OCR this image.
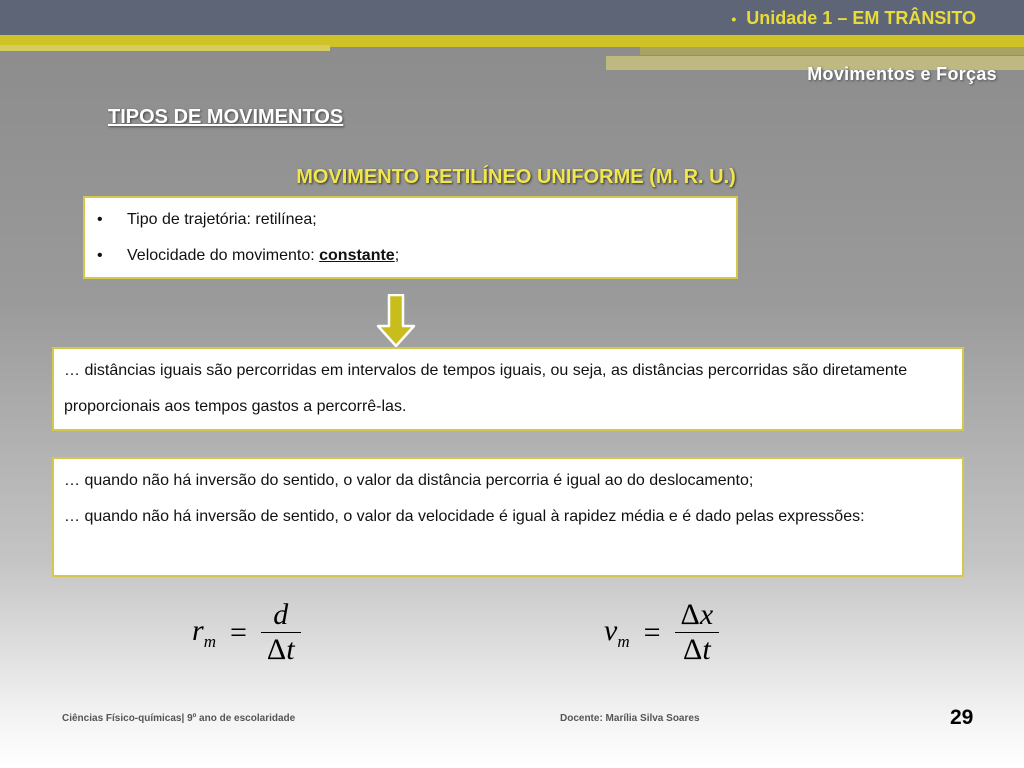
• Unidade 1 – EM TRÂNSITO
Movimentos e Forças
TIPOS DE MOVIMENTOS
MOVIMENTO RETILÍNEO UNIFORME (M. R. U.)
•	Tipo de trajetória: retilínea;
•	Velocidade do movimento: constante;
… distâncias iguais são percorridas em intervalos de tempos iguais, ou seja, as distâncias percorridas são diretamente proporcionais aos tempos gastos a percorrê-las.
… quando não há inversão do sentido, o valor da distância percorria é igual ao do deslocamento;
… quando não há inversão de sentido, o valor da velocidade é igual à rapidez média e é dado pelas expressões:
$r_m = \frac{d}{\Delta t}$	$v_m = \frac{\Delta x}{\Delta t}$
Ciências Físico-químicas| 9º ano de escolaridade	Docente: Marília Silva Soares	29
